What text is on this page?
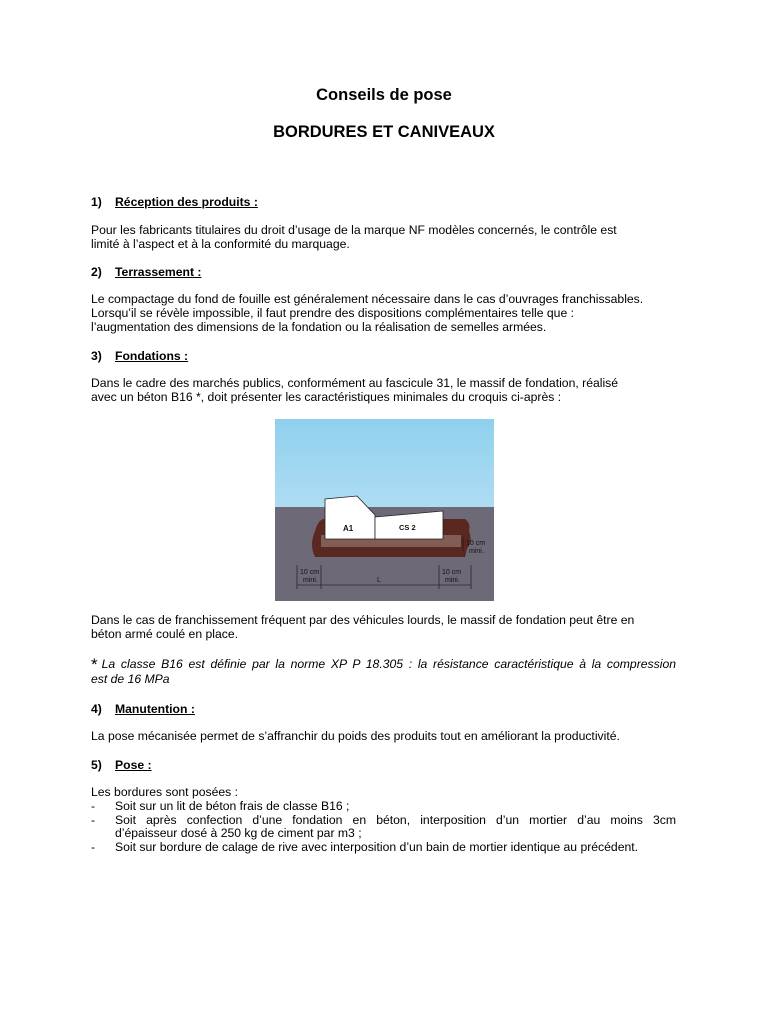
Conseils de pose
BORDURES ET CANIVEAUX
1) Réception des produits :

Pour les fabricants titulaires du droit d’usage de la marque NF modèles concernés, le contrôle est

limité à l’aspect et à la conformité du marquage.

2) Terrassement :

Le compactage du fond de fouille est généralement nécessaire dans le cas d’ouvrages franchissables.

Lorsqu’il se révèle impossible, il faut prendre des dispositions complémentaires telle que :

l’augmentation des dimensions de la fondation ou la réalisation de semelles armées.

3) Fondations :

Dans le cadre des marchés publics, conformément au fascicule 31, le massif de fondation, réalisé

avec un béton B16 *, doit présenter les caractéristiques minimales du croquis ci-après :

A1	CS 2
10 cm
mini.
10 cm
mini.	L
10 cm
mini.

Dans le cas de franchissement fréquent par des véhicules lourds, le massif de fondation peut être en

béton armé coulé en place.

* La classe B16 est définie par la norme XP P 18.305 : la résistance caractéristique à la compression
est de 16 MPa
4) Manutention :

La pose mécanisée permet de s’affranchir du poids des produits tout en améliorant la productivité.

5) Pose :

Les bordures sont posées :

- Soit sur un lit de béton frais de classe B16 ;
- Soit après confection d’une fondation en béton, interposition d’un mortier d’au moins 3cm
d’épaisseur dosé à 250 kg de ciment par m3 ;
- Soit sur bordure de calage de rive avec interposition d’un bain de mortier identique au précédent.
